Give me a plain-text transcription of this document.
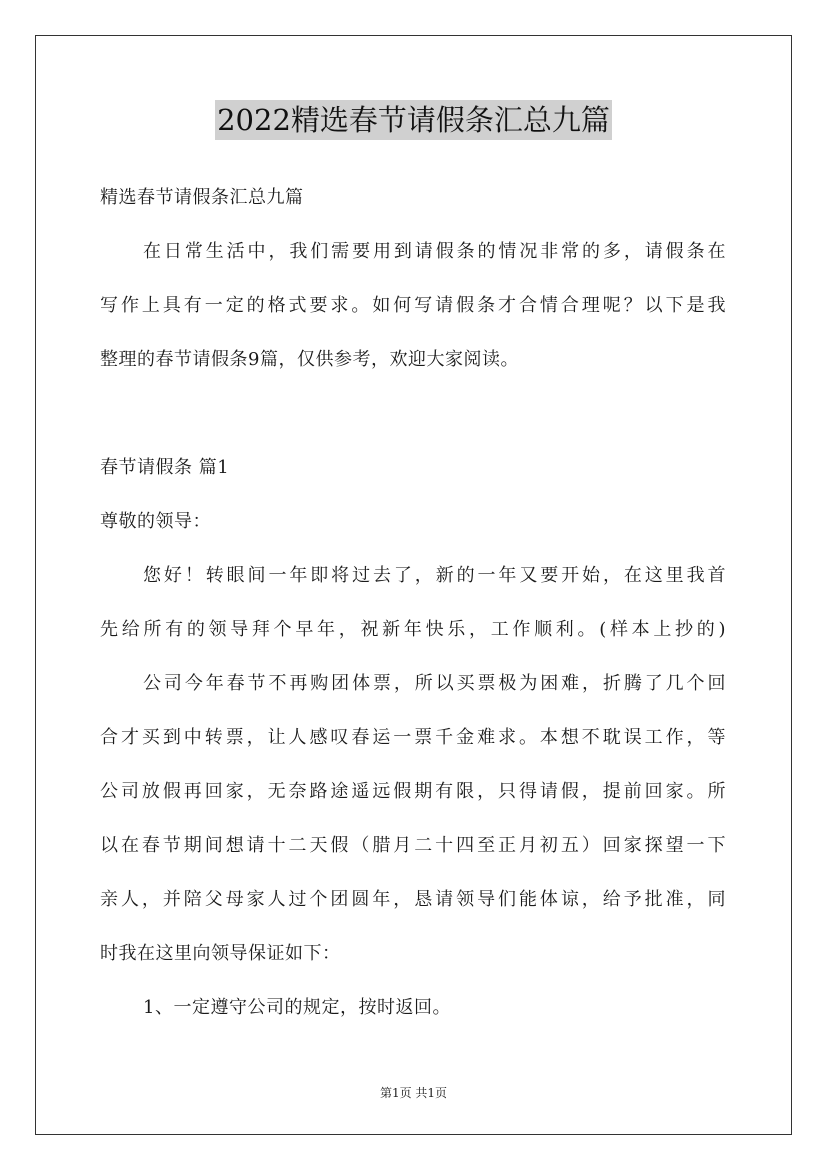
2022精选春节请假条汇总九篇
精选春节请假条汇总九篇
在日常生活中，我们需要用到请假条的情况非常的多，请假条在
写作上具有一定的格式要求。如何写请假条才合情合理呢？以下是我
整理的春节请假条9篇，仅供参考，欢迎大家阅读。
春节请假条 篇1
尊敬的领导：
您好！转眼间一年即将过去了，新的一年又要开始，在这里我首
先给所有的领导拜个早年，祝新年快乐，工作顺利。(样本上抄的)
公司今年春节不再购团体票，所以买票极为困难，折腾了几个回
合才买到中转票，让人感叹春运一票千金难求。本想不耽误工作，等
公司放假再回家，无奈路途遥远假期有限，只得请假，提前回家。所
以在春节期间想请十二天假（腊月二十四至正月初五）回家探望一下
亲人，并陪父母家人过个团圆年，恳请领导们能体谅，给予批准，同
时我在这里向领导保证如下：
1、一定遵守公司的规定，按时返回。
第1页 共1页
